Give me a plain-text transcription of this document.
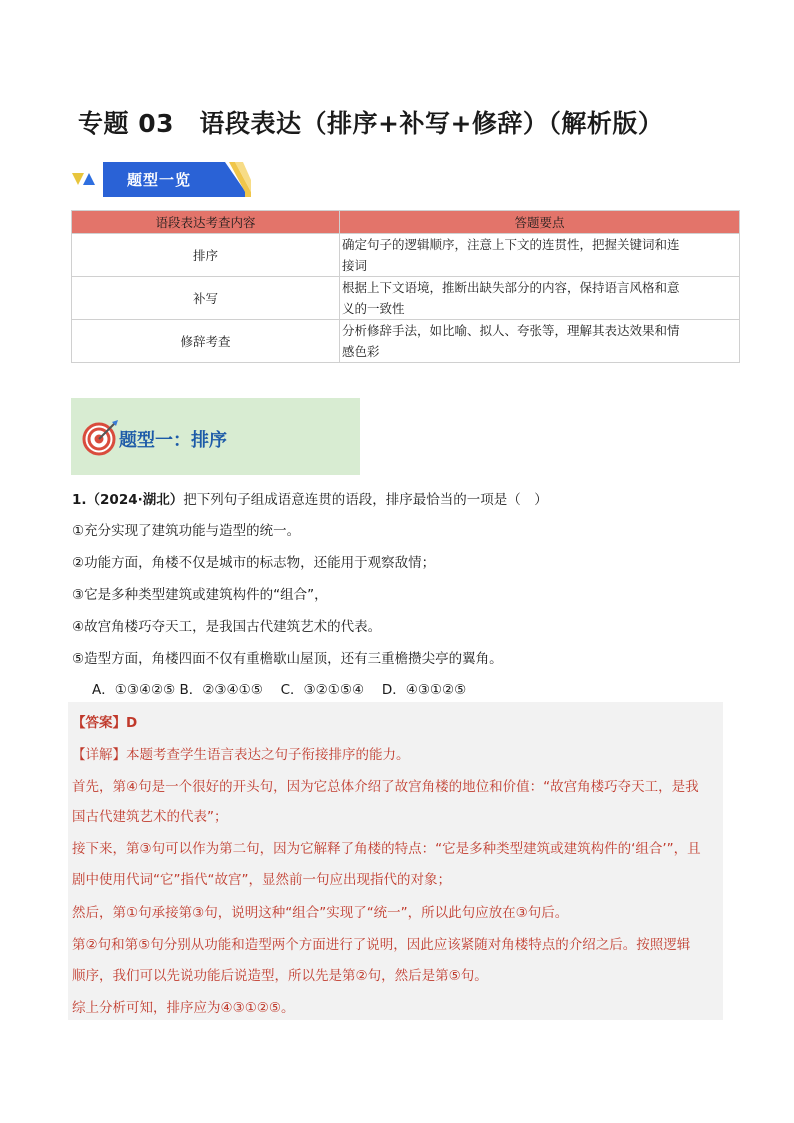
专题 03　语段表达（排序+补写+修辞）（解析版）
题型一览
语段表达考查内容	答题要点
排序	确定句子的逻辑顺序，注意上下文的连贯性，把握关键词和连
接词

补写	根据上下文语境，推断出缺失部分的内容，保持语言风格和意
义的一致性

修辞考查	分析修辞手法，如比喻、拟人、夸张等，理解其表达效果和情
感色彩
题型一：排序
1.（2024·湖北）把下列句子组成语意连贯的语段，排序最恰当的一项是（　）
①充分实现了建筑功能与造型的统一。
②功能方面，角楼不仅是城市的标志物，还能用于观察敌情；
③它是多种类型建筑或建筑构件的“组合”，
④故宫角楼巧夺天工，是我国古代建筑艺术的代表。
⑤造型方面，角楼四面不仅有重檐歇山屋顶，还有三重檐攒尖亭的翼角。
A．①③④②⑤ B．②③④①⑤　 C．③②①⑤④　 D．④③①②⑤
【答案】D
【详解】本题考查学生语言表达之句子衔接排序的能力。
首先，第④句是一个很好的开头句，因为它总体介绍了故宫角楼的地位和价值：“故宫角楼巧夺天工，是我
国古代建筑艺术的代表”；
接下来，第③句可以作为第二句，因为它解释了角楼的特点：“它是多种类型建筑或建筑构件的‘组合’”，且
剧中使用代词“它”指代“故宫”，显然前一句应出现指代的对象；
然后，第①句承接第③句，说明这种“组合”实现了“统一”，所以此句应放在③句后。
第②句和第⑤句分别从功能和造型两个方面进行了说明，因此应该紧随对角楼特点的介绍之后。按照逻辑
顺序，我们可以先说功能后说造型，所以先是第②句，然后是第⑤句。
综上分析可知，排序应为④③①②⑤。
